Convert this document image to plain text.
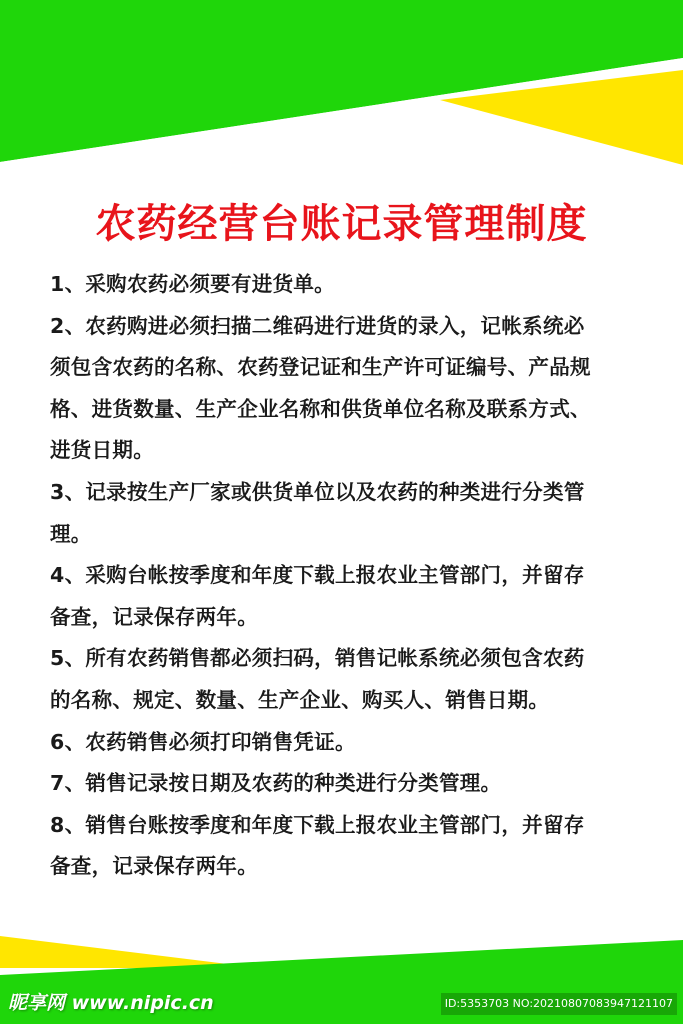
农药经营台账记录管理制度
1、采购农药必须要有进货单。
2、农药购进必须扫描二维码进行进货的录入，记帐系统必
须包含农药的名称、农药登记证和生产许可证编号、产品规
格、进货数量、生产企业名称和供货单位名称及联系方式、
进货日期。
3、记录按生产厂家或供货单位以及农药的种类进行分类管
理。
4、采购台帐按季度和年度下载上报农业主管部门，并留存
备查，记录保存两年。
5、所有农药销售都必须扫码，销售记帐系统必须包含农药
的名称、规定、数量、生产企业、购买人、销售日期。
6、农药销售必须打印销售凭证。
7、销售记录按日期及农药的种类进行分类管理。
8、销售台账按季度和年度下载上报农业主管部门，并留存
备查，记录保存两年。
昵享网 www.nipic.cn	ID:5353703 NO:20210807083947121107
